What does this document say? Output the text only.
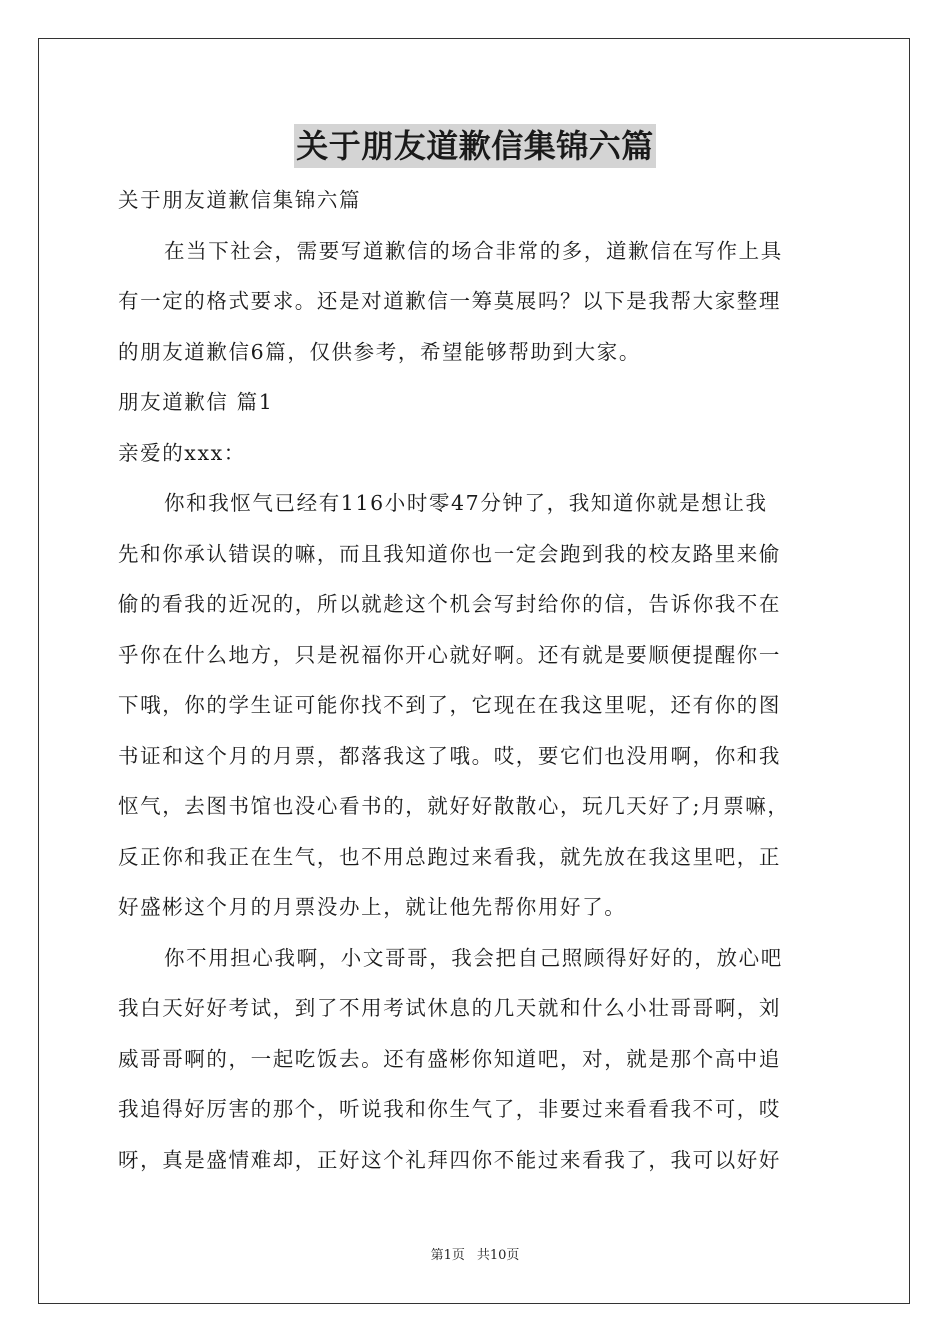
关于朋友道歉信集锦六篇
关于朋友道歉信集锦六篇
在当下社会，需要写道歉信的场合非常的多，道歉信在写作上具
有一定的格式要求。还是对道歉信一筹莫展吗？以下是我帮大家整理
的朋友道歉信6篇，仅供参考，希望能够帮助到大家。
朋友道歉信 篇1
亲爱的xxx：
你和我怄气已经有116小时零47分钟了，我知道你就是想让我
先和你承认错误的嘛，而且我知道你也一定会跑到我的校友路里来偷
偷的看我的近况的，所以就趁这个机会写封给你的信，告诉你我不在
乎你在什么地方，只是祝福你开心就好啊。还有就是要顺便提醒你一
下哦，你的学生证可能你找不到了，它现在在我这里呢，还有你的图
书证和这个月的月票，都落我这了哦。哎，要它们也没用啊，你和我
怄气，去图书馆也没心看书的，就好好散散心，玩几天好了;月票嘛，
反正你和我正在生气，也不用总跑过来看我，就先放在我这里吧，正
好盛彬这个月的月票没办上，就让他先帮你用好了。
你不用担心我啊，小文哥哥，我会把自己照顾得好好的，放心吧
我白天好好考试，到了不用考试休息的几天就和什么小壮哥哥啊，刘
威哥哥啊的，一起吃饭去。还有盛彬你知道吧，对，就是那个高中追
我追得好厉害的那个，听说我和你生气了，非要过来看看我不可，哎
呀，真是盛情难却，正好这个礼拜四你不能过来看我了，我可以好好
第1页 共10页
